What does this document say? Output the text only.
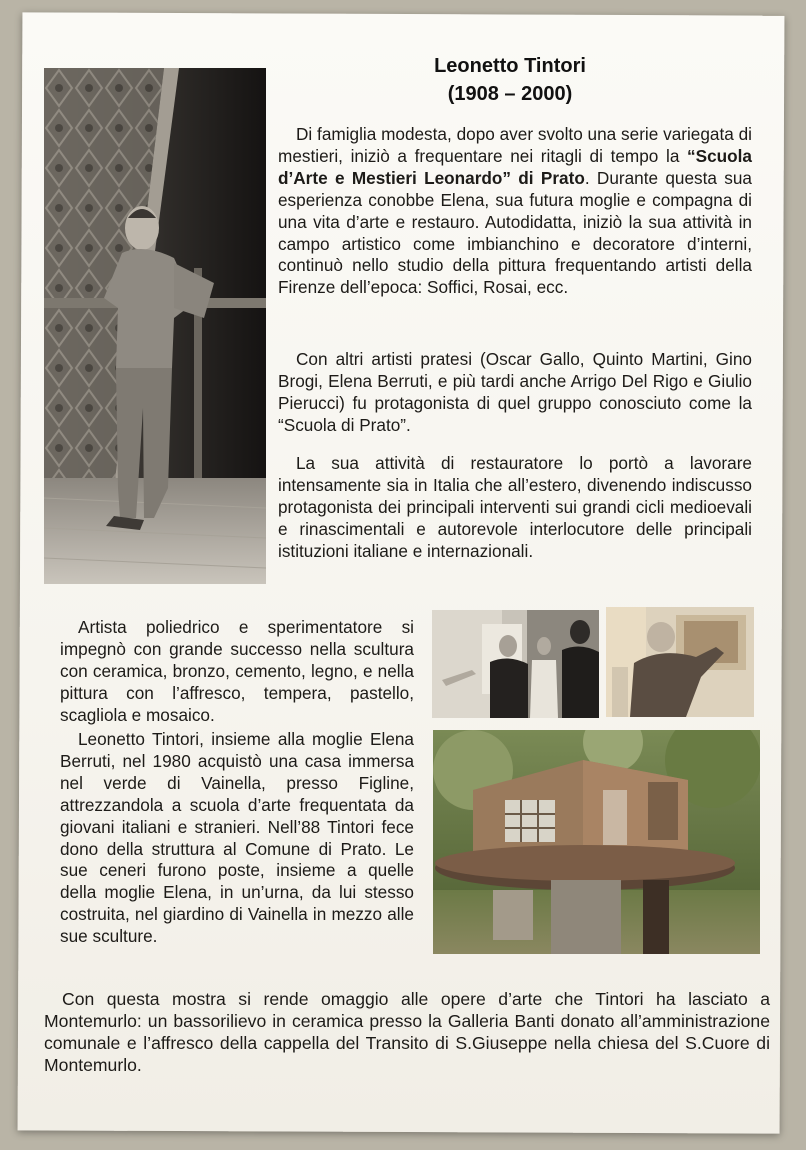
Leonetto Tintori
(1908 – 2000)

Di famiglia modesta, dopo aver svolto una serie variegata di mestieri, iniziò a frequentare nei ritagli di tempo la “Scuola d’Arte e Mestieri Leonardo” di Prato. Durante questa sua esperienza conobbe Elena, sua futura moglie e compagna di una vita d’arte e restauro. Autodidatta, iniziò la sua attività in campo artistico come imbianchino e decoratore d’interni, continuò nello studio della pittura frequentando artisti della Firenze dell’epoca: Soffici, Rosai, ecc.

Con altri artisti pratesi (Oscar Gallo, Quinto Martini, Gino Brogi, Elena Berruti, e più tardi anche Arrigo Del Rigo e Giulio Pierucci) fu protagonista di quel gruppo conosciuto come la “Scuola di Prato”.

La sua attività di restauratore lo portò a lavorare intensamente sia in Italia che all’estero, divenendo indiscusso protagonista dei principali interventi sui grandi cicli medioevali e rinascimentali e autorevole interlocutore delle principali istituzioni italiane e internazionali.

Artista poliedrico e sperimentatore si impegnò con grande successo nella scultura con ceramica, bronzo, cemento, legno, e nella pittura con l’affresco, tempera, pastello, scagliola e mosaico.

Leonetto Tintori, insieme alla moglie Elena Berruti, nel 1980 acquistò una casa immersa nel verde di Vainella, presso Figline, attrezzandola a scuola d’arte frequentata da giovani italiani e stranieri. Nell’88 Tintori fece dono della struttura al Comune di Prato. Le sue ceneri furono poste, insieme a quelle della moglie Elena, in un’urna, da lui stesso costruita, nel giardino di Vainella in mezzo alle sue sculture.

Con questa mostra si rende omaggio alle opere d’arte che Tintori ha lasciato a Montemurlo: un bassorilievo in ceramica presso la Galleria Banti donato all’amministrazione comunale e l’affresco della cappella del Transito di S.Giuseppe nella chiesa del S.Cuore di Montemurlo.
